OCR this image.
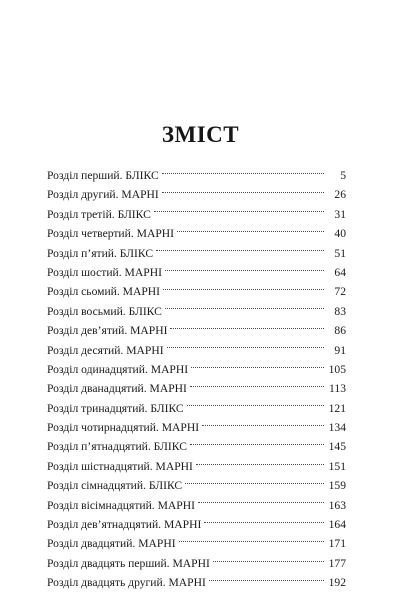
ЗМІСТ
Розділ перший. БЛІКС	5
Розділ другий. МАРНІ	26
Розділ третій. БЛІКС	31
Розділ четвертий. МАРНІ	40
Розділ п’ятий. БЛІКС	51
Розділ шостий. МАРНІ	64
Розділ сьомий. МАРНІ	72
Розділ восьмий. БЛІКС	83
Розділ дев’ятий. МАРНІ	86
Розділ десятий. МАРНІ	91
Розділ одинадцятий. МАРНІ	105
Розділ дванадцятий. МАРНІ	113
Розділ тринадцятий. БЛІКС	121
Розділ чотирнадцятий. МАРНІ	134
Розділ п’ятнадцятий. БЛІКС	145
Розділ шістнадцятий. МАРНІ	151
Розділ сімнадцятий. БЛІКС	159
Розділ вісімнадцятий. МАРНІ	163
Розділ дев’ятнадцятий. МАРНІ	164
Розділ двадцятий. МАРНІ	171
Розділ двадцять перший. МАРНІ	177
Розділ двадцять другий. МАРНІ	192
